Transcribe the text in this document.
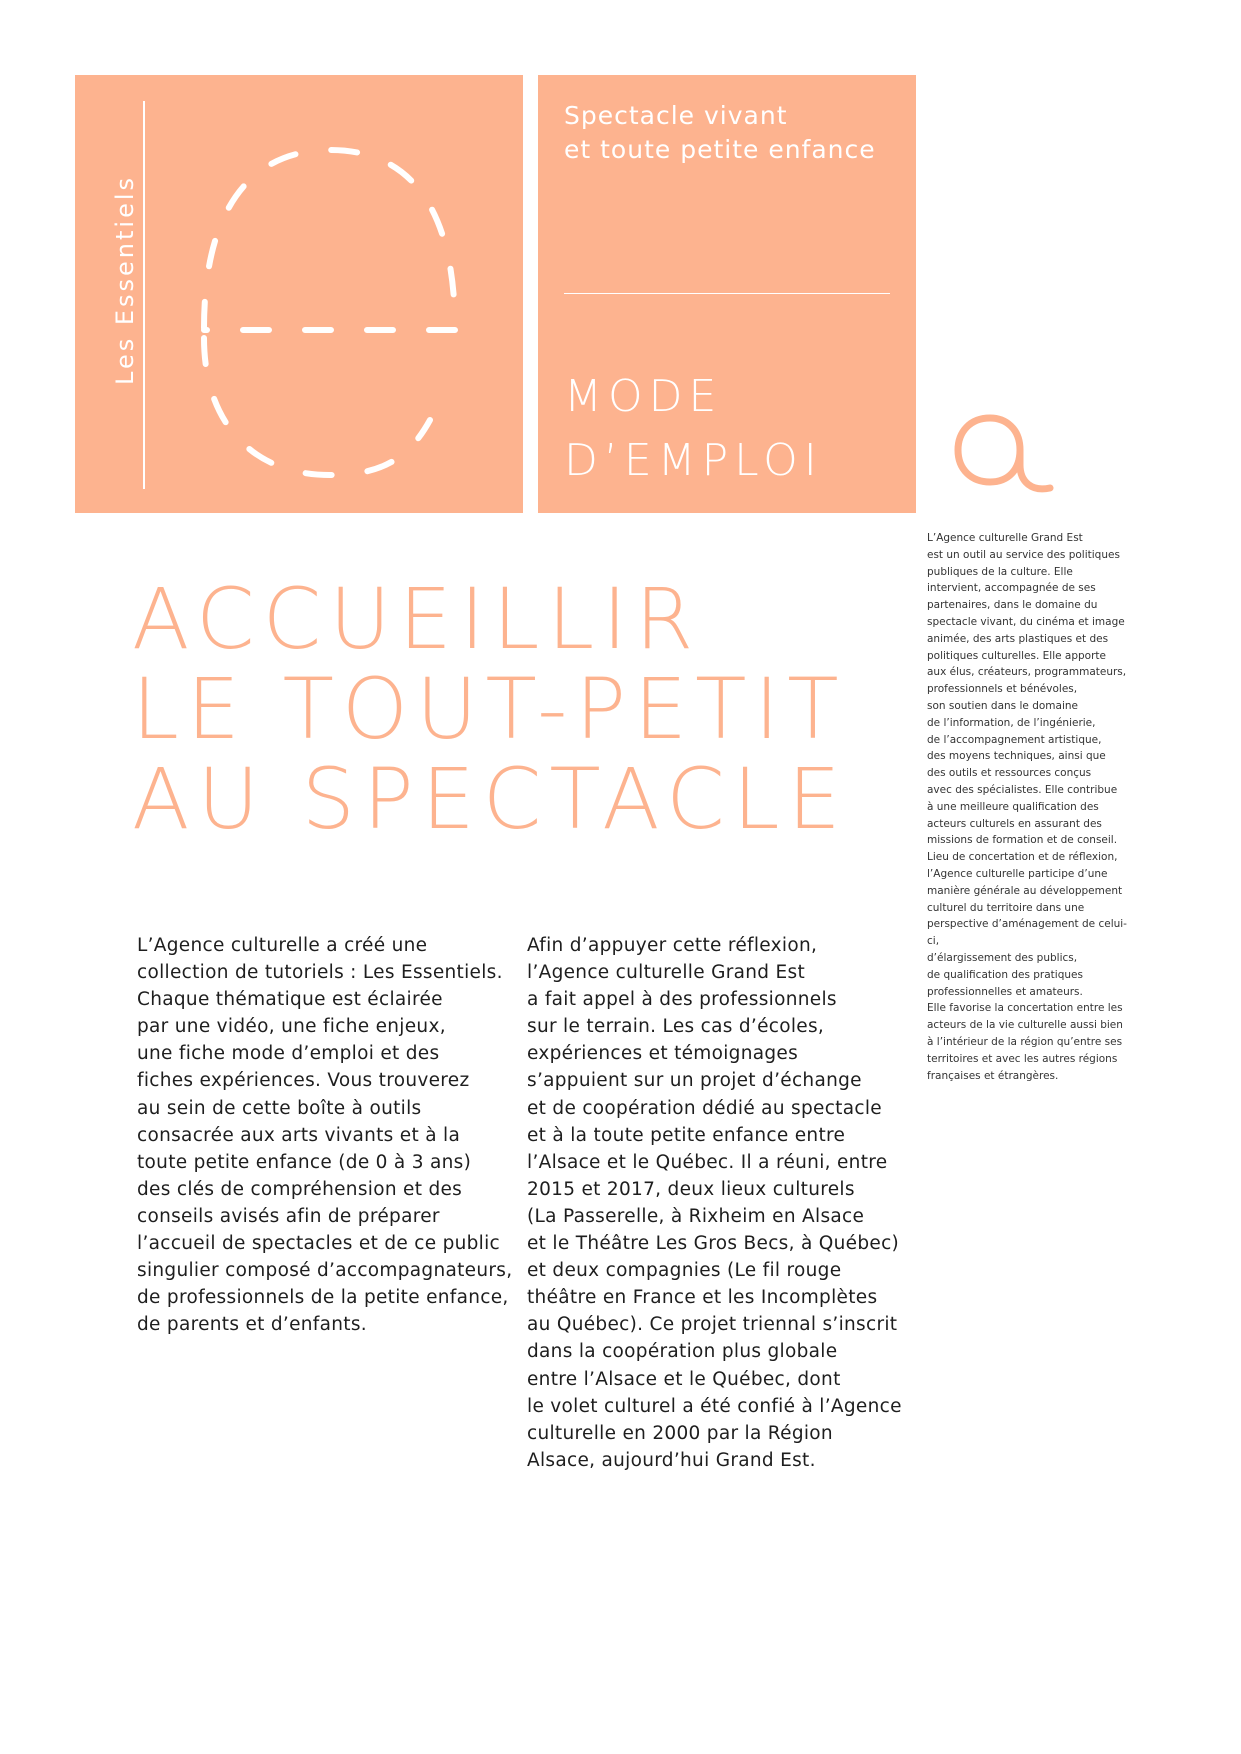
Les Essentiels
Spectacle vivant
et toute petite enfance
MODE
D’EMPLOI
L’Agence culturelle Grand Est
est un outil au service des politiques
publiques de la culture. Elle
intervient, accompagnée de ses
partenaires, dans le domaine du
spectacle vivant, du cinéma et image
animée, des arts plastiques et des
politiques culturelles. Elle apporte
aux élus, créateurs, programmateurs,
professionnels et bénévoles,
son soutien dans le domaine
de l’information, de l’ingénierie,
de l’accompagnement artistique,
des moyens techniques, ainsi que
des outils et ressources conçus
avec des spécialistes. Elle contribue
à une meilleure qualification des
acteurs culturels en assurant des
missions de formation et de conseil.
Lieu de concertation et de réflexion,
l’Agence culturelle participe d’une
manière générale au développement
culturel du territoire dans une
perspective d’aménagement de celui-ci,
d’élargissement des publics,
de qualification des pratiques
professionnelles et amateurs.
Elle favorise la concertation entre les
acteurs de la vie culturelle aussi bien
à l’intérieur de la région qu’entre ses
territoires et avec les autres régions
françaises et étrangères.
ACCUEILLIR
LE TOUT-PETIT
AU SPECTACLE
L’Agence culturelle a créé une
collection de tutoriels : Les Essentiels.
Chaque thématique est éclairée
par une vidéo, une fiche enjeux,
une fiche mode d’emploi et des
fiches expériences. Vous trouverez
au sein de cette boîte à outils
consacrée aux arts vivants et à la
toute petite enfance (de 0 à 3 ans)
des clés de compréhension et des
conseils avisés afin de préparer
l’accueil de spectacles et de ce public
singulier composé d’accompagnateurs,
de professionnels de la petite enfance,
de parents et d’enfants.
Afin d’appuyer cette réflexion,
l’Agence culturelle Grand Est
a fait appel à des professionnels
sur le terrain. Les cas d’écoles,
expériences et témoignages
s’appuient sur un projet d’échange
et de coopération dédié au spectacle
et à la toute petite enfance entre
l’Alsace et le Québec. Il a réuni, entre
2015 et 2017, deux lieux culturels
(La Passerelle, à Rixheim en Alsace
et le Théâtre Les Gros Becs, à Québec)
et deux compagnies (Le fil rouge
théâtre en France et les Incomplètes
au Québec). Ce projet triennal s’inscrit
dans la coopération plus globale
entre l’Alsace et le Québec, dont
le volet culturel a été confié à l’Agence
culturelle en 2000 par la Région
Alsace, aujourd’hui Grand Est.
